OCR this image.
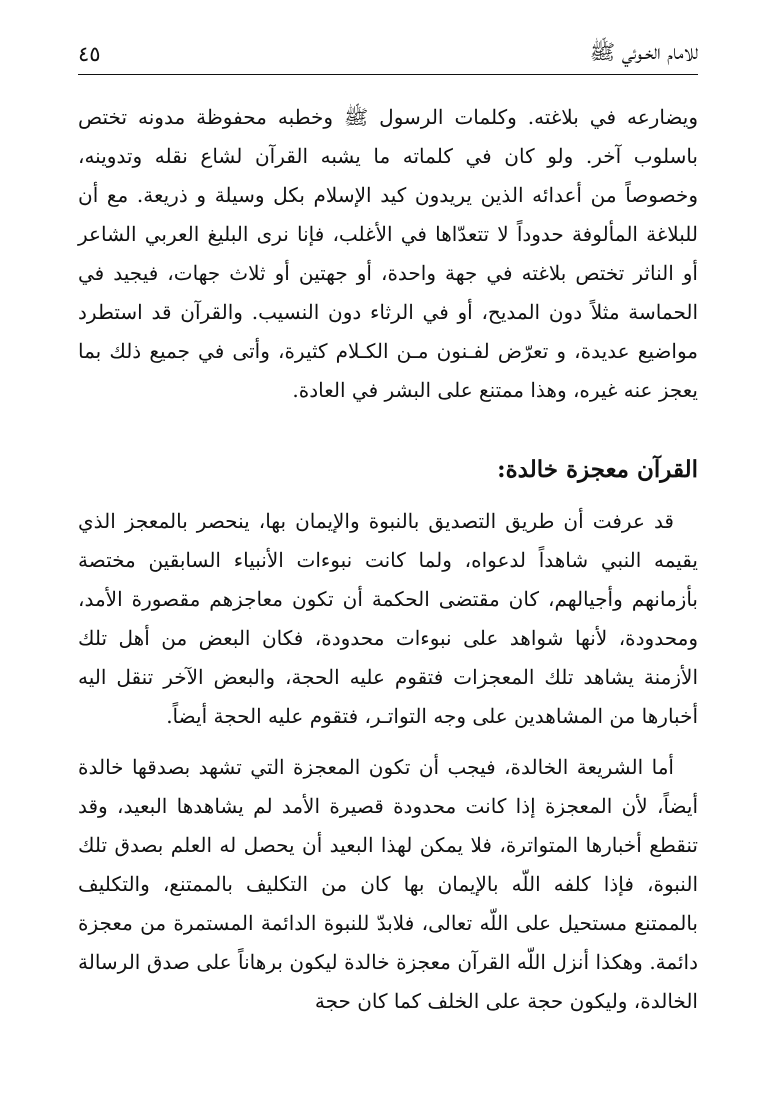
للامام الخـوئي ﷺ
٤٥

ويضارعه في بلاغته. وكلمات الرسول ﷺ وخطبه محفوظة مدونه تختص باسلوب آخر. ولو كان في كلماته ما يشبه القرآن لشاع نقله وتدوينه، وخصوصاً من أعدائه الذين يريدون كيد الإسلام بكل وسيلة و ذريعة. مع أن للبلاغة المألوفة حدوداً لا تتعدّاها في الأغلب، فإنا نرى البليغ العربي الشاعر أو الناثر تختص بلاغته في جهة واحدة، أو جهتين أو ثلاث جهات، فيجيد في الحماسة مثلاً دون المديح، أو في الرثاء دون النسيب. والقرآن قد استطرد مواضيع عديدة، و تعرّض لفـنون مـن الكـلام كثيرة، وأتى في جميع ذلك بما يعجز عنه غيره، وهذا ممتنع على البشر في العادة.

القرآن معجزة خالدة:

قد عرفت أن طريق التصديق بالنبوة والإيمان بها، ينحصر بالمعجز الذي يقيمه النبي شاهداً لدعواه، ولما كانت نبوءات الأنبياء السابقين مختصة بأزمانهم وأجيالهم، كان مقتضى الحكمة أن تكون معاجزهم مقصورة الأمد، ومحدودة، لأنها شواهد على نبوءات محدودة، فكان البعض من أهل تلك الأزمنة يشاهد تلك المعجزات فتقوم عليه الحجة، والبعض الآخر تنقل اليه أخبارها من المشاهدين على وجه التواتـر، فتقوم عليه الحجة أيضاً.

أما الشريعة الخالدة، فيجب أن تكون المعجزة التي تشهد بصدقها خالدة أيضاً، لأن المعجزة إذا كانت محدودة قصيرة الأمد لم يشاهدها البعيد، وقد تنقطع أخبارها المتواترة، فلا يمكن لهذا البعيد أن يحصل له العلم بصدق تلك النبوة، فإذا كلفه اللّه بالإيمان بها كان من التكليف بالممتنع، والتكليف بالممتنع مستحيل على اللّه تعالى، فلابدّ للنبوة الدائمة المستمرة من معجزة دائمة. وهكذا أنزل اللّه القرآن معجزة خالدة ليكون برهاناً على صدق الرسالة الخالدة، وليكون حجة على الخلف كما كان حجة
